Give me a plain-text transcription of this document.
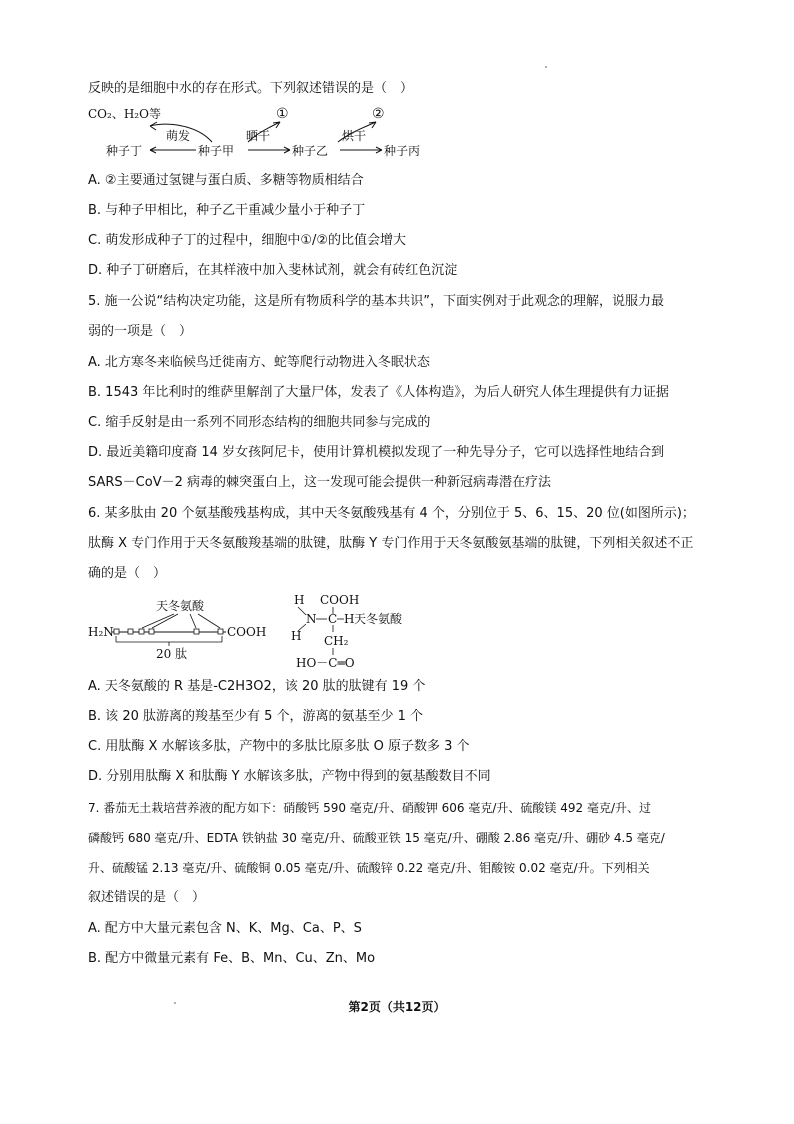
反映的是细胞中水的存在形式。下列叙述错误的是（　）
CO₂、H₂O等	①	②
萌发	晒干	烘干
种子丁	种子甲	种子乙	种子丙
A. ②主要通过氢键与蛋白质、多糖等物质相结合
B. 与种子甲相比，种子乙干重减少量小于种子丁
C. 萌发形成种子丁的过程中，细胞中①/②的比值会增大
D. 种子丁研磨后，在其样液中加入斐林试剂，就会有砖红色沉淀
5. 施一公说“结构决定功能，这是所有物质科学的基本共识”，下面实例对于此观念的理解，说服力最
弱的一项是（　）
A. 北方寒冬来临候鸟迁徙南方、蛇等爬行动物进入冬眠状态
B. 1543 年比利时的维萨里解剖了大量尸体，发表了《人体构造》，为后人研究人体生理提供有力证据
C. 缩手反射是由一系列不同形态结构的细胞共同参与完成的
D. 最近美籍印度裔 14 岁女孩阿尼卡，使用计算机模拟发现了一种先导分子，它可以选择性地结合到
SARS－CoV－2 病毒的棘突蛋白上，这一发现可能会提供一种新冠病毒潜在疗法
6. 某多肽由 20 个氨基酸残基构成，其中天冬氨酸残基有 4 个，分别位于 5、6、15、20 位(如图所示)；
肽酶 X 专门作用于天冬氨酸羧基端的肽键，肽酶 Y 专门作用于天冬氨酸氨基端的肽键，下列相关叙述不正
确的是（　）
天冬氨酸
H₂N	COOH
20 肽
H COOH
N C H 天冬氨酸
H CH₂
HO－C═O
A. 天冬氨酸的 R 基是-C2H3O2，该 20 肽的肽键有 19 个
B. 该 20 肽游离的羧基至少有 5 个，游离的氨基至少 1 个
C. 用肽酶 X 水解该多肽，产物中的多肽比原多肽 O 原子数多 3 个
D. 分别用肽酶 X 和肽酶 Y 水解该多肽，产物中得到的氨基酸数目不同
7. 番茄无土栽培营养液的配方如下：硝酸钙 590 毫克/升、硝酸钾 606 毫克/升、硫酸镁 492 毫克/升、过
磷酸钙 680 毫克/升、EDTA 铁钠盐 30 毫克/升、硫酸亚铁 15 毫克/升、硼酸 2.86 毫克/升、硼砂 4.5 毫克/
升、硫酸锰 2.13 毫克/升、硫酸铜 0.05 毫克/升、硫酸锌 0.22 毫克/升、钼酸铵 0.02 毫克/升。下列相关
叙述错误的是（　）
A. 配方中大量元素包含 N、K、Mg、Ca、P、S
B. 配方中微量元素有 Fe、B、Mn、Cu、Zn、Mo
第2页（共12页）
